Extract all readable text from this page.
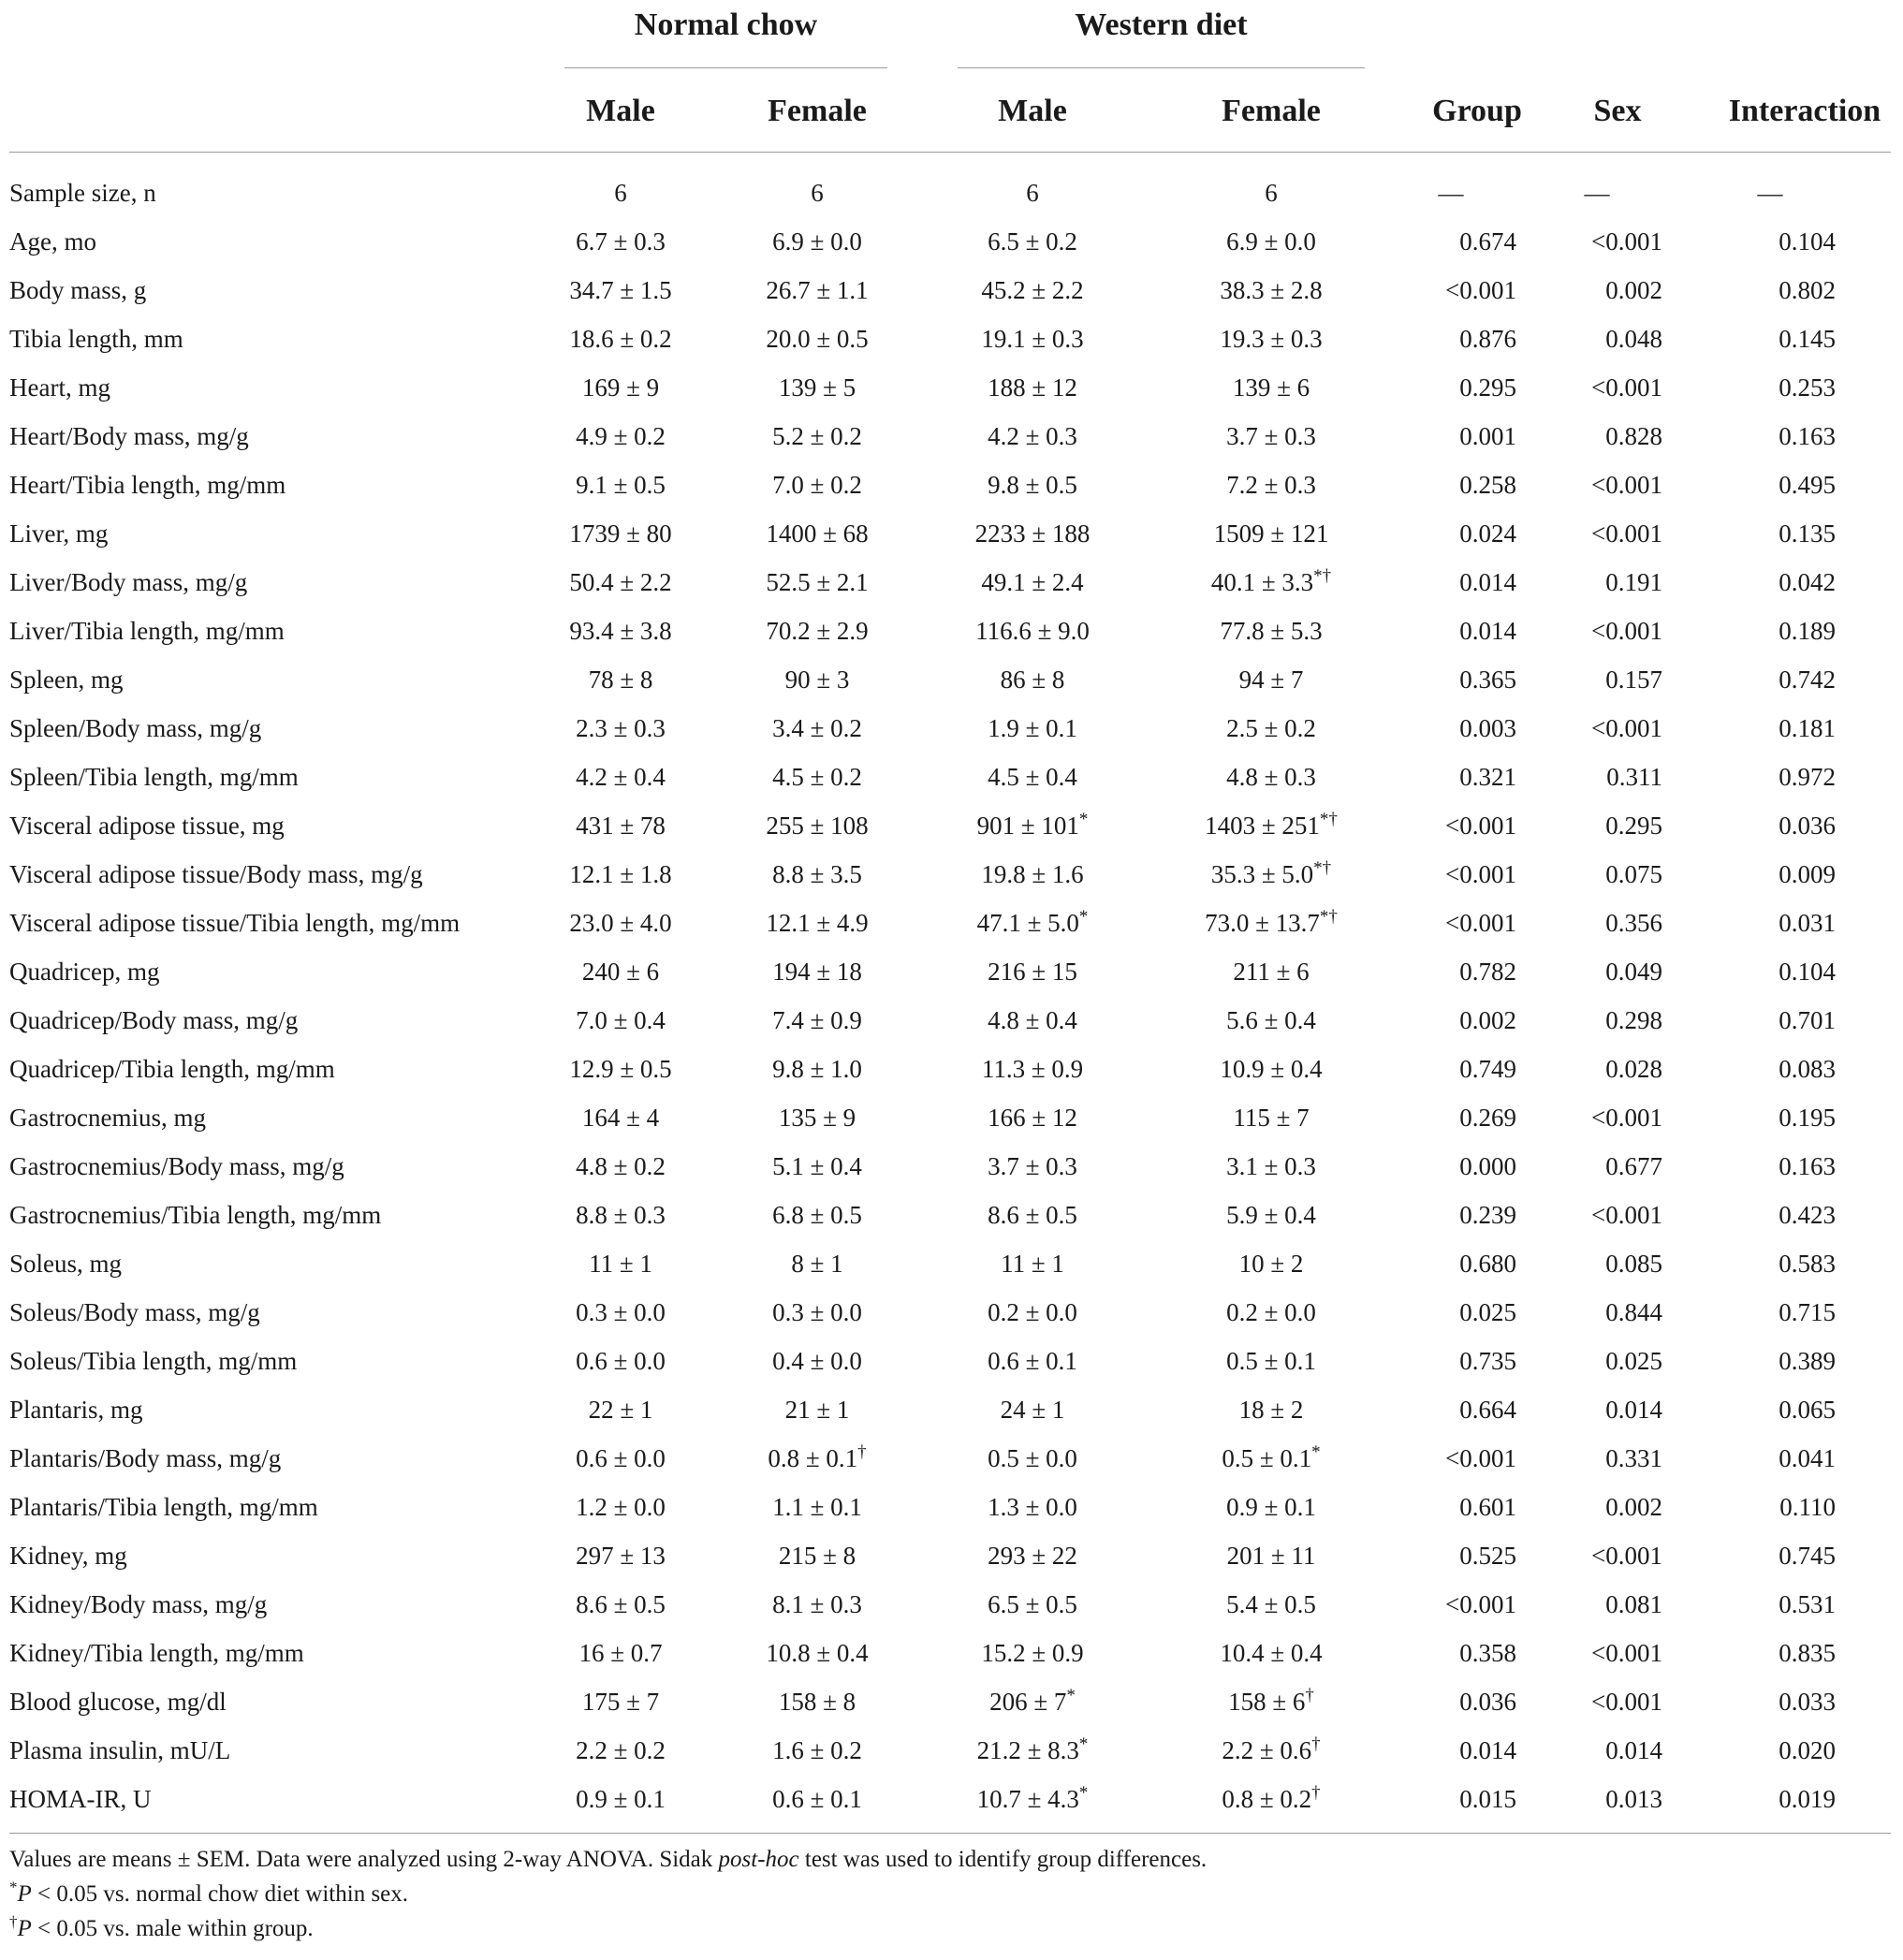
Normal chow	Western diet
Male	Female	Male	Female	Group	Sex	Interaction
Sample size, n	6	6	6	6	—	—	—
Age, mo	6.7 ± 0.3	6.9 ± 0.0	6.5 ± 0.2	6.9 ± 0.0	0.674	<0.001	0.104
Body mass, g	34.7 ± 1.5	26.7 ± 1.1	45.2 ± 2.2	38.3 ± 2.8	<0.001	0.002	0.802
Tibia length, mm	18.6 ± 0.2	20.0 ± 0.5	19.1 ± 0.3	19.3 ± 0.3	0.876	0.048	0.145
Heart, mg	169 ± 9	139 ± 5	188 ± 12	139 ± 6	0.295	<0.001	0.253
Heart/Body mass, mg/g	4.9 ± 0.2	5.2 ± 0.2	4.2 ± 0.3	3.7 ± 0.3	0.001	0.828	0.163
Heart/Tibia length, mg/mm	9.1 ± 0.5	7.0 ± 0.2	9.8 ± 0.5	7.2 ± 0.3	0.258	<0.001	0.495
Liver, mg	1739 ± 80	1400 ± 68	2233 ± 188	1509 ± 121	0.024	<0.001	0.135
Liver/Body mass, mg/g	50.4 ± 2.2	52.5 ± 2.1	49.1 ± 2.4	40.1 ± 3.3*†	0.014	0.191	0.042
Liver/Tibia length, mg/mm	93.4 ± 3.8	70.2 ± 2.9	116.6 ± 9.0	77.8 ± 5.3	0.014	<0.001	0.189
Spleen, mg	78 ± 8	90 ± 3	86 ± 8	94 ± 7	0.365	0.157	0.742
Spleen/Body mass, mg/g	2.3 ± 0.3	3.4 ± 0.2	1.9 ± 0.1	2.5 ± 0.2	0.003	<0.001	0.181
Spleen/Tibia length, mg/mm	4.2 ± 0.4	4.5 ± 0.2	4.5 ± 0.4	4.8 ± 0.3	0.321	0.311	0.972
Visceral adipose tissue, mg	431 ± 78	255 ± 108	901 ± 101*	1403 ± 251*†	<0.001	0.295	0.036
Visceral adipose tissue/Body mass, mg/g	12.1 ± 1.8	8.8 ± 3.5	19.8 ± 1.6	35.3 ± 5.0*†	<0.001	0.075	0.009
Visceral adipose tissue/Tibia length, mg/mm	23.0 ± 4.0	12.1 ± 4.9	47.1 ± 5.0*	73.0 ± 13.7*†	<0.001	0.356	0.031
Quadricep, mg	240 ± 6	194 ± 18	216 ± 15	211 ± 6	0.782	0.049	0.104
Quadricep/Body mass, mg/g	7.0 ± 0.4	7.4 ± 0.9	4.8 ± 0.4	5.6 ± 0.4	0.002	0.298	0.701
Quadricep/Tibia length, mg/mm	12.9 ± 0.5	9.8 ± 1.0	11.3 ± 0.9	10.9 ± 0.4	0.749	0.028	0.083
Gastrocnemius, mg	164 ± 4	135 ± 9	166 ± 12	115 ± 7	0.269	<0.001	0.195
Gastrocnemius/Body mass, mg/g	4.8 ± 0.2	5.1 ± 0.4	3.7 ± 0.3	3.1 ± 0.3	0.000	0.677	0.163
Gastrocnemius/Tibia length, mg/mm	8.8 ± 0.3	6.8 ± 0.5	8.6 ± 0.5	5.9 ± 0.4	0.239	<0.001	0.423
Soleus, mg	11 ± 1	8 ± 1	11 ± 1	10 ± 2	0.680	0.085	0.583
Soleus/Body mass, mg/g	0.3 ± 0.0	0.3 ± 0.0	0.2 ± 0.0	0.2 ± 0.0	0.025	0.844	0.715
Soleus/Tibia length, mg/mm	0.6 ± 0.0	0.4 ± 0.0	0.6 ± 0.1	0.5 ± 0.1	0.735	0.025	0.389
Plantaris, mg	22 ± 1	21 ± 1	24 ± 1	18 ± 2	0.664	0.014	0.065
Plantaris/Body mass, mg/g	0.6 ± 0.0	0.8 ± 0.1†	0.5 ± 0.0	0.5 ± 0.1*	<0.001	0.331	0.041
Plantaris/Tibia length, mg/mm	1.2 ± 0.0	1.1 ± 0.1	1.3 ± 0.0	0.9 ± 0.1	0.601	0.002	0.110
Kidney, mg	297 ± 13	215 ± 8	293 ± 22	201 ± 11	0.525	<0.001	0.745
Kidney/Body mass, mg/g	8.6 ± 0.5	8.1 ± 0.3	6.5 ± 0.5	5.4 ± 0.5	<0.001	0.081	0.531
Kidney/Tibia length, mg/mm	16 ± 0.7	10.8 ± 0.4	15.2 ± 0.9	10.4 ± 0.4	0.358	<0.001	0.835
Blood glucose, mg/dl	175 ± 7	158 ± 8	206 ± 7*	158 ± 6†	0.036	<0.001	0.033
Plasma insulin, mU/L	2.2 ± 0.2	1.6 ± 0.2	21.2 ± 8.3*	2.2 ± 0.6†	0.014	0.014	0.020
HOMA-IR, U	0.9 ± 0.1	0.6 ± 0.1	10.7 ± 4.3*	0.8 ± 0.2†	0.015	0.013	0.019
Values are means ± SEM. Data were analyzed using 2-way ANOVA. Sidak post-hoc test was used to identify group differences.
*P < 0.05 vs. normal chow diet within sex.
†P < 0.05 vs. male within group.
